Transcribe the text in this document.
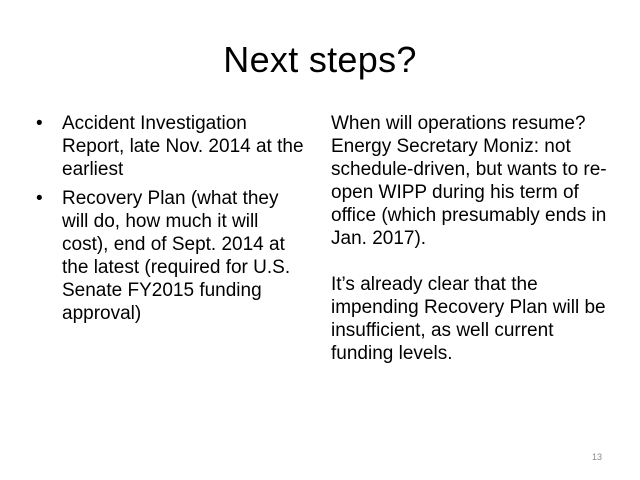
Next steps?
• Accident Investigation Report, late Nov. 2014 at the earliest
• Recovery Plan (what they will do, how much it will cost), end of Sept. 2014 at the latest (required for U.S. Senate FY2015 funding approval)

When will operations resume? Energy Secretary Moniz: not schedule-driven, but wants to re-open WIPP during his term of office (which presumably ends in Jan. 2017).

It’s already clear that the impending Recovery Plan will be insufficient, as well current funding levels.

13
